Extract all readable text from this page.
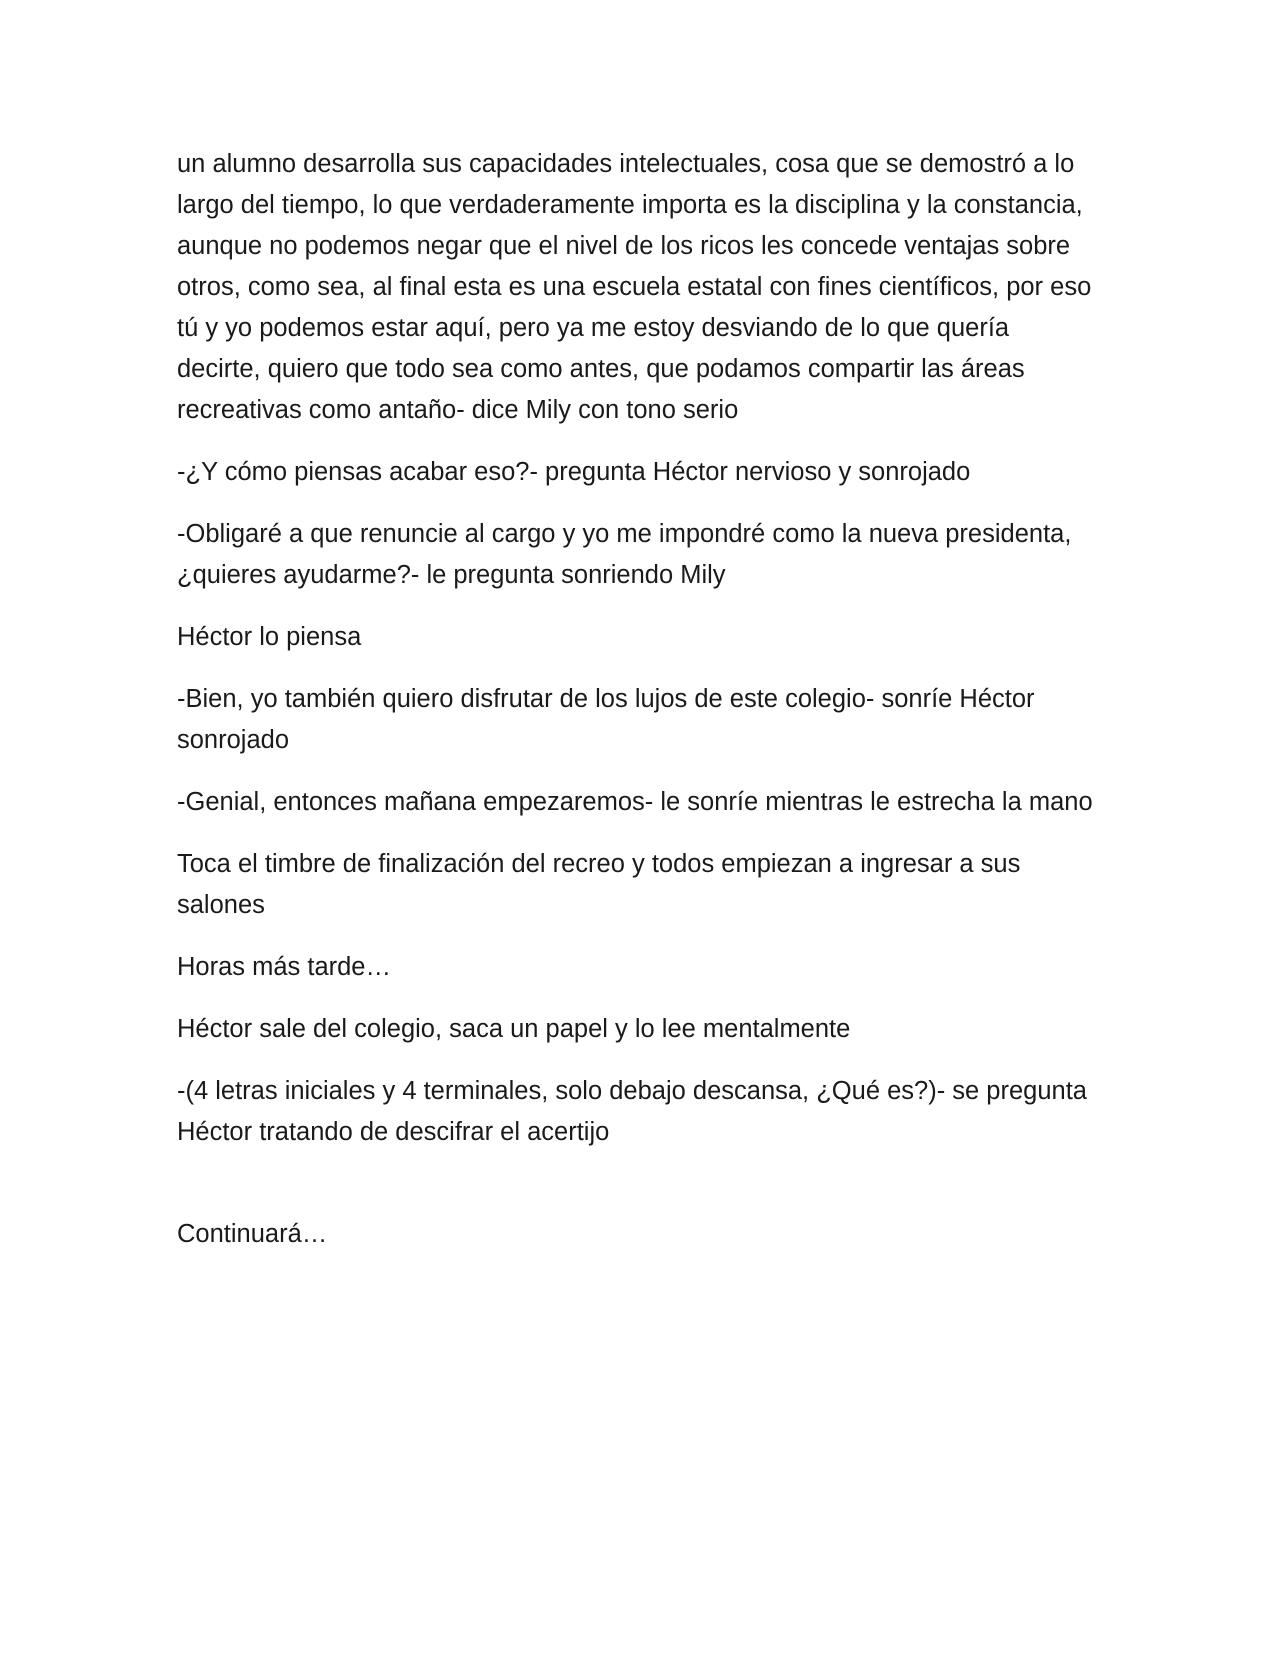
un alumno desarrolla sus capacidades intelectuales, cosa que se demostró a lo largo del tiempo, lo que verdaderamente importa es la disciplina y la constancia, aunque no podemos negar que el nivel de los ricos les concede ventajas sobre otros, como sea, al final esta es una escuela estatal con fines científicos, por eso tú y yo podemos estar aquí, pero ya me estoy desviando de lo que quería decirte, quiero que todo sea como antes, que podamos compartir las áreas recreativas como antaño- dice Mily con tono serio

-¿Y cómo piensas acabar eso?- pregunta Héctor nervioso y sonrojado

-Obligaré a que renuncie al cargo y yo me impondré como la nueva presidenta, ¿quieres ayudarme?- le pregunta sonriendo Mily

Héctor lo piensa

-Bien, yo también quiero disfrutar de los lujos de este colegio- sonríe Héctor sonrojado

-Genial, entonces mañana empezaremos- le sonríe mientras le estrecha la mano

Toca el timbre de finalización del recreo y todos empiezan a ingresar a sus salones

Horas más tarde…

Héctor sale del colegio, saca un papel y lo lee mentalmente

-(4 letras iniciales y 4 terminales, solo debajo descansa, ¿Qué es?)- se pregunta Héctor tratando de descifrar el acertijo

Continuará…
